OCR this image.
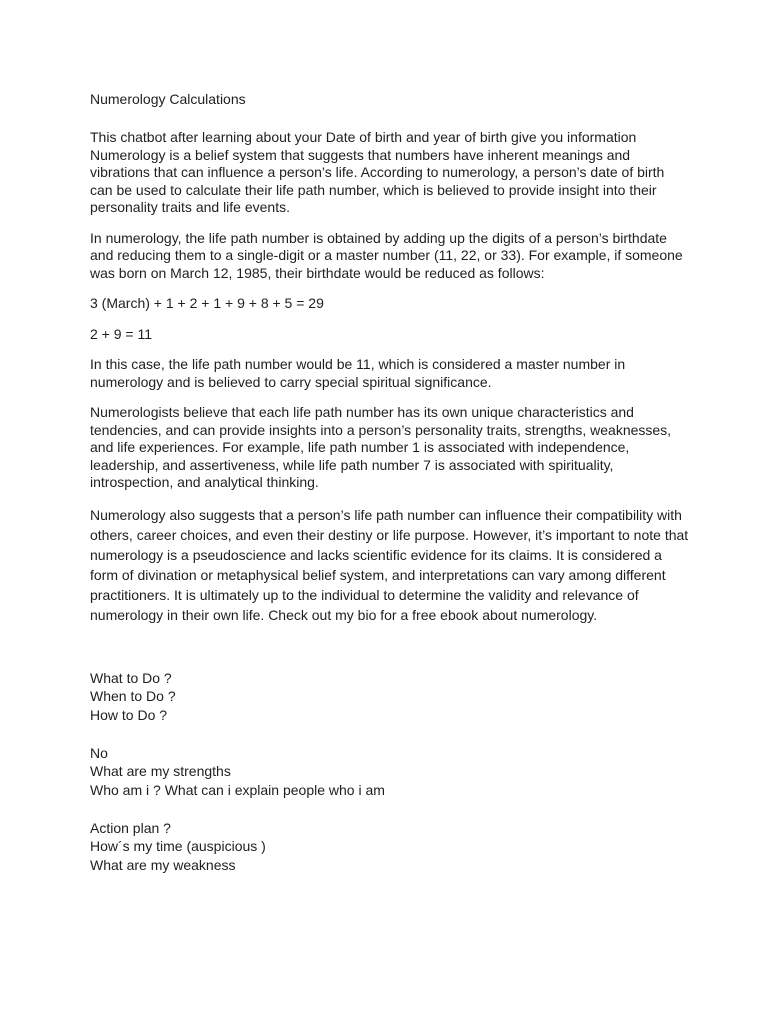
Numerology Calculations
This chatbot after learning about your Date of birth and year of birth give you information

Numerology is a belief system that suggests that numbers have inherent meanings and vibrations that can influence a person’s life. According to numerology, a person’s date of birth can be used to calculate their life path number, which is believed to provide insight into their personality traits and life events.

In numerology, the life path number is obtained by adding up the digits of a person’s birthdate and reducing them to a single-digit or a master number (11, 22, or 33). For example, if someone was born on March 12, 1985, their birthdate would be reduced as follows:

3 (March) + 1 + 2 + 1 + 9 + 8 + 5 = 29

2 + 9 = 11

In this case, the life path number would be 11, which is considered a master number in numerology and is believed to carry special spiritual significance.

Numerologists believe that each life path number has its own unique characteristics and tendencies, and can provide insights into a person’s personality traits, strengths, weaknesses, and life experiences. For example, life path number 1 is associated with independence, leadership, and assertiveness, while life path number 7 is associated with spirituality, introspection, and analytical thinking.

Numerology also suggests that a person’s life path number can influence their compatibility with others, career choices, and even their destiny or life purpose. However, it’s important to note that numerology is a pseudoscience and lacks scientific evidence for its claims. It is considered a form of divination or metaphysical belief system, and interpretations can vary among different practitioners. It is ultimately up to the individual to determine the validity and relevance of numerology in their own life. Check out my bio for a free ebook about numerology.

What to Do ?
When to Do ?
How to Do ?
No
What are my strengths
Who am i ? What can i explain people who i am
Action plan ?
How´s my time (auspicious )
What are my weakness
